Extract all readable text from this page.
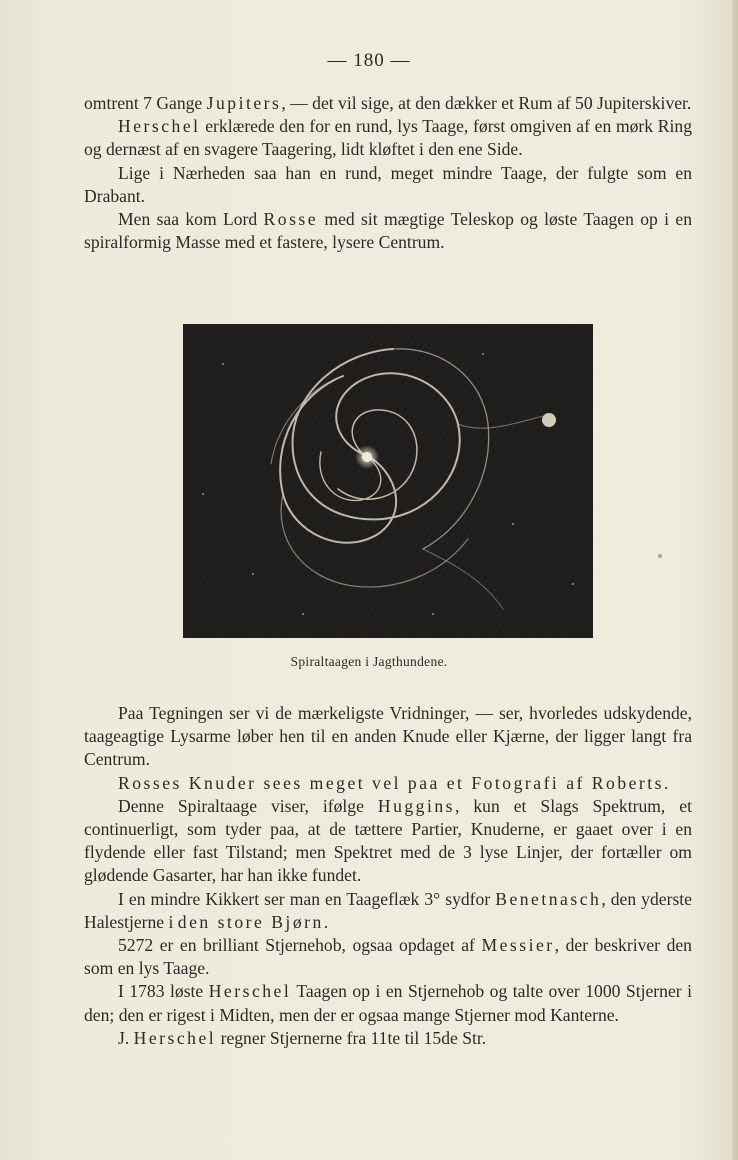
— 180 —

omtrent 7 Gange Jupiters, — det vil sige, at den dækker et Rum af 50 Jupiterskiver.

Herschel erklærede den for en rund, lys Taage, først omgiven af en mørk Ring og dernæst af en svagere Taagering, lidt kløftet i den ene Side.

Lige i Nærheden saa han en rund, meget mindre Taage, der fulgte som en Drabant.

Men saa kom Lord Rosse med sit mægtige Teleskop og løste Taagen op i en spiralformig Masse med et fastere, lysere Centrum.

Spiraltaagen i Jagthundene.

Paa Tegningen ser vi de mærkeligste Vridninger, — ser, hvorledes udskydende, taageagtige Lysarme løber hen til en anden Knude eller Kjærne, der ligger langt fra Centrum.

Rosses Knuder sees meget vel paa et Fotografi af Roberts.

Denne Spiraltaage viser, ifølge Huggins, kun et Slags Spektrum, et continuerligt, som tyder paa, at de tættere Partier, Knuderne, er gaaet over i en flydende eller fast Tilstand; men Spektret med de 3 lyse Linjer, der fortæller om glødende Gasarter, har han ikke fundet.

I en mindre Kikkert ser man en Taageflæk 3° sydfor Benetnasch, den yderste Halestjerne i den store Bjørn.

5272 er en brilliant Stjernehob, ogsaa opdaget af Messier, der beskriver den som en lys Taage.

I 1783 løste Herschel Taagen op i en Stjernehob og talte over 1000 Stjerner i den; den er rigest i Midten, men der er ogsaa mange Stjerner mod Kanterne.

J. Herschel regner Stjernerne fra 11te til 15de Str.
